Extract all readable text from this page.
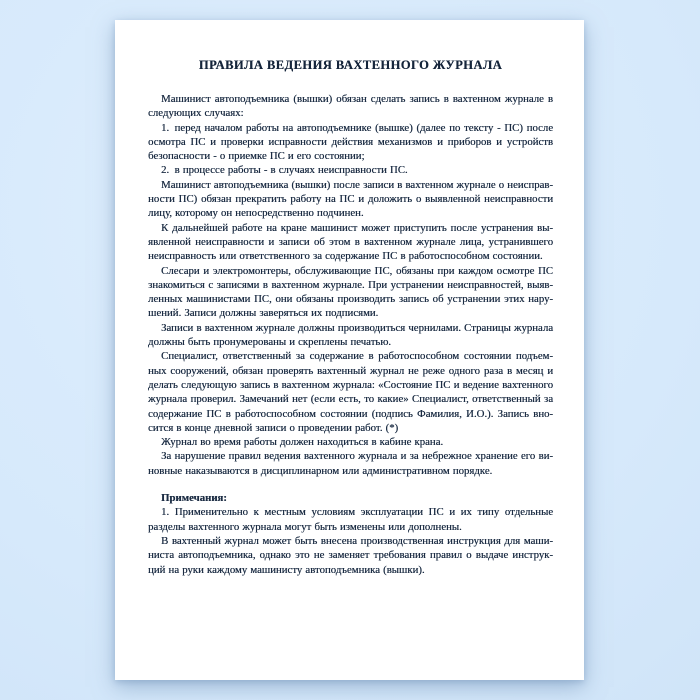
ПРАВИЛА ВЕДЕНИЯ ВАХТЕННОГО ЖУРНАЛА

Машинист автоподъемника (вышки) обязан сделать запись в вахтенном журнале в следующих случаях:

1. перед началом работы на автоподъемнике (вышке) (далее по тексту - ПС) после осмотра ПС и проверки исправности действия механизмов и приборов и устройств безопасности - о приемке ПС и его состоянии;

2. в процессе работы - в случаях неисправности ПС.

Машинист автоподъемника (вышки) после записи в вахтенном журнале о неисправности ПС) обязан прекратить работу на ПС и доложить о выявленной неисправности лицу, которому он непосредственно подчинен.

К дальнейшей работе на кране машинист может приступить после устранения выявленной неисправности и записи об этом в вахтенном журнале лица, устранившего неисправность или ответственного за содержание ПС в работоспособном состоянии.

Слесари и электромонтеры, обслуживающие ПС, обязаны при каждом осмотре ПС знакомиться с записями в вахтенном журнале. При устранении неисправностей, выявленных машинистами ПС, они обязаны производить запись об устранении этих нарушений. Записи должны заверяться их подписями.

Записи в вахтенном журнале должны производиться чернилами. Страницы журнала должны быть пронумерованы и скреплены печатью.

Специалист, ответственный за содержание в работоспособном состоянии подъемных сооружений, обязан проверять вахтенный журнал не реже одного раза в месяц и делать следующую запись в вахтенном журнала: «Состояние ПС и ведение вахтенного журнала проверил. Замечаний нет (если есть, то какие» Специалист, ответственный за содержание ПС в работоспособном состоянии (подпись Фамилия, И.О.). Запись вносится в конце дневной записи о проведении работ. (*)

Журнал во время работы должен находиться в кабине крана.

За нарушение правил ведения вахтенного журнала и за небрежное хранение его виновные наказываются в дисциплинарном или административном порядке.

Примечания:

1. Применительно к местным условиям эксплуатации ПС и их типу отдельные разделы вахтенного журнала могут быть изменены или дополнены.

В вахтенный журнал может быть внесена производственная инструкция для машиниста автоподъемника, однако это не заменяет требования правил о выдаче инструкций на руки каждому машинисту автоподъемника (вышки).
